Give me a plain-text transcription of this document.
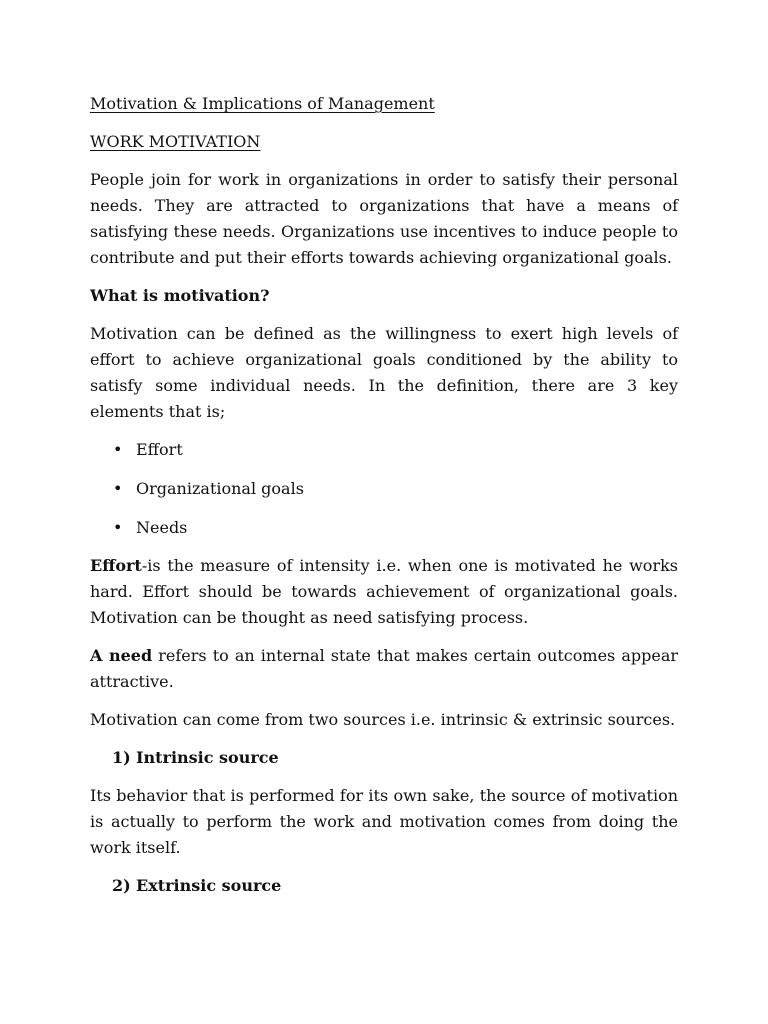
Motivation & Implications of Management

WORK MOTIVATION

People join for work in organizations in order to satisfy their personal needs. They are attracted to organizations that have a means of satisfying these needs. Organizations use incentives to induce people to contribute and put their efforts towards achieving organizational goals.

What is motivation?

Motivation can be defined as the willingness to exert high levels of effort to achieve organizational goals conditioned by the ability to satisfy some individual needs. In the definition, there are 3 key elements that is;

• Effort
• Organizational goals
• Needs

Effort-is the measure of intensity i.e. when one is motivated he works hard. Effort should be towards achievement of organizational goals. Motivation can be thought as need satisfying process.

A need refers to an internal state that makes certain outcomes appear attractive.

Motivation can come from two sources i.e. intrinsic & extrinsic sources.

1) Intrinsic source

Its behavior that is performed for its own sake, the source of motivation is actually to perform the work and motivation comes from doing the work itself.

2) Extrinsic source
